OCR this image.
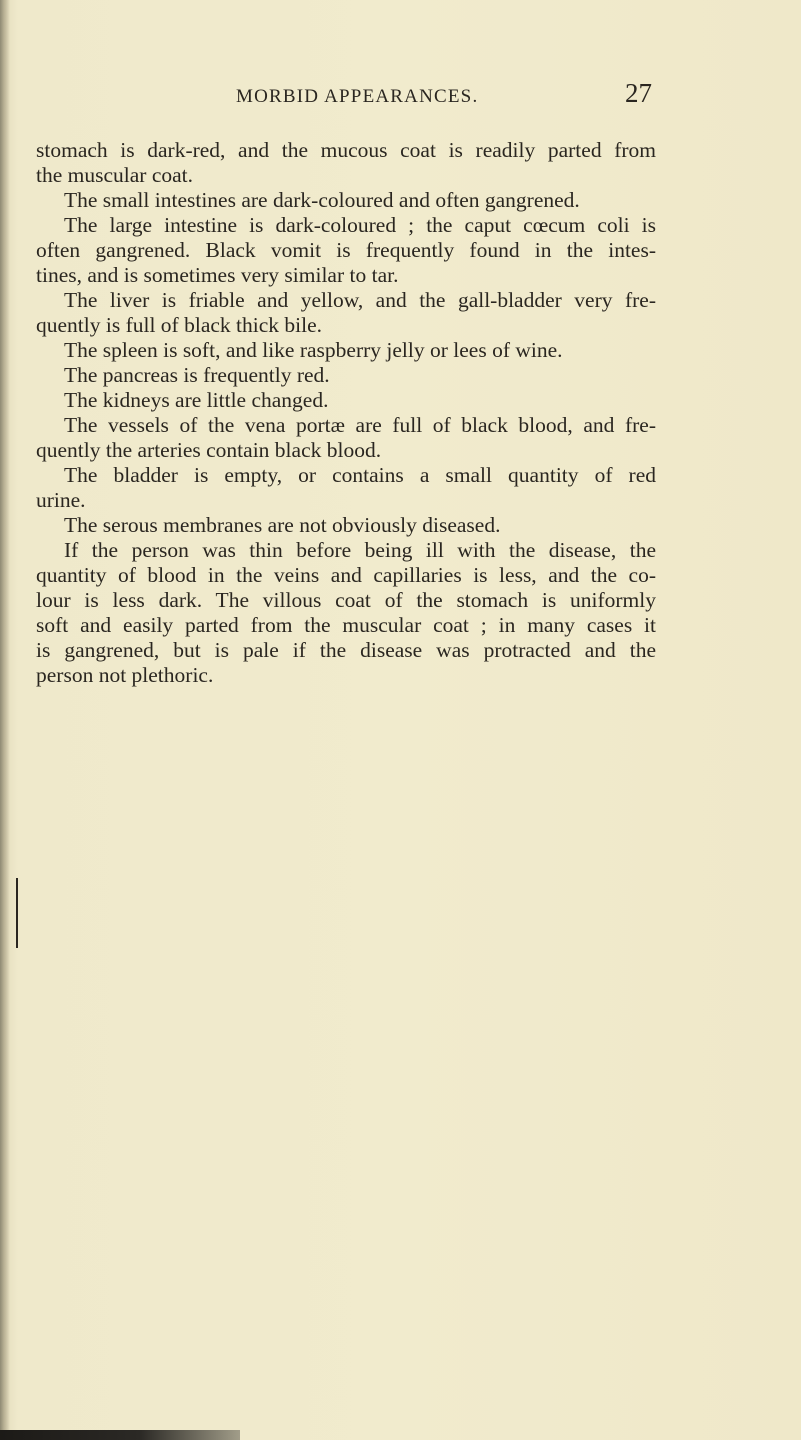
MORBID APPEARANCES.	27
stomach is dark-red, and the mucous coat is readily parted from
the muscular coat.
The small intestines are dark-coloured and often gangrened.
The large intestine is dark-coloured ; the caput cœcum coli is
often gangrened. Black vomit is frequently found in the intes-
tines, and is sometimes very similar to tar.
The liver is friable and yellow, and the gall-bladder very fre-
quently is full of black thick bile.
The spleen is soft, and like raspberry jelly or lees of wine.
The pancreas is frequently red.
The kidneys are little changed.
The vessels of the vena portæ are full of black blood, and fre-
quently the arteries contain black blood.
The bladder is empty, or contains a small quantity of red
urine.
The serous membranes are not obviously diseased.
If the person was thin before being ill with the disease, the
quantity of blood in the veins and capillaries is less, and the co-
lour is less dark. The villous coat of the stomach is uniformly
soft and easily parted from the muscular coat ; in many cases it
is gangrened, but is pale if the disease was protracted and the
person not plethoric.
